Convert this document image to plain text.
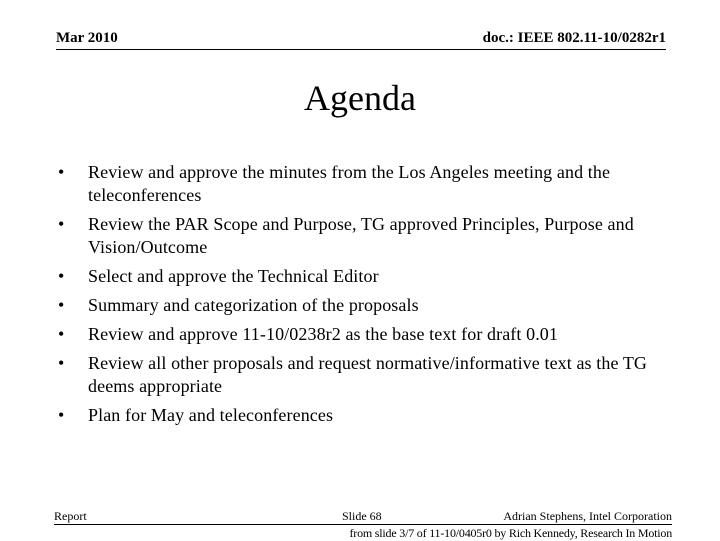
Mar 2010	doc.: IEEE 802.11-10/0282r1
Agenda
•	Review and approve the minutes from the Los Angeles meeting and the teleconferences
•	Review the PAR Scope and Purpose, TG approved Principles, Purpose and Vision/Outcome
•	Select and approve the Technical Editor
•	Summary and categorization of the proposals
•	Review and approve 11-10/0238r2 as the base text for draft 0.01
•	Review all other proposals and request normative/informative text as the TG deems appropriate
•	Plan for May and teleconferences
Report	Slide 68	Adrian Stephens, Intel Corporation
from slide 3/7 of 11-10/0405r0 by Rich Kennedy, Research In Motion
